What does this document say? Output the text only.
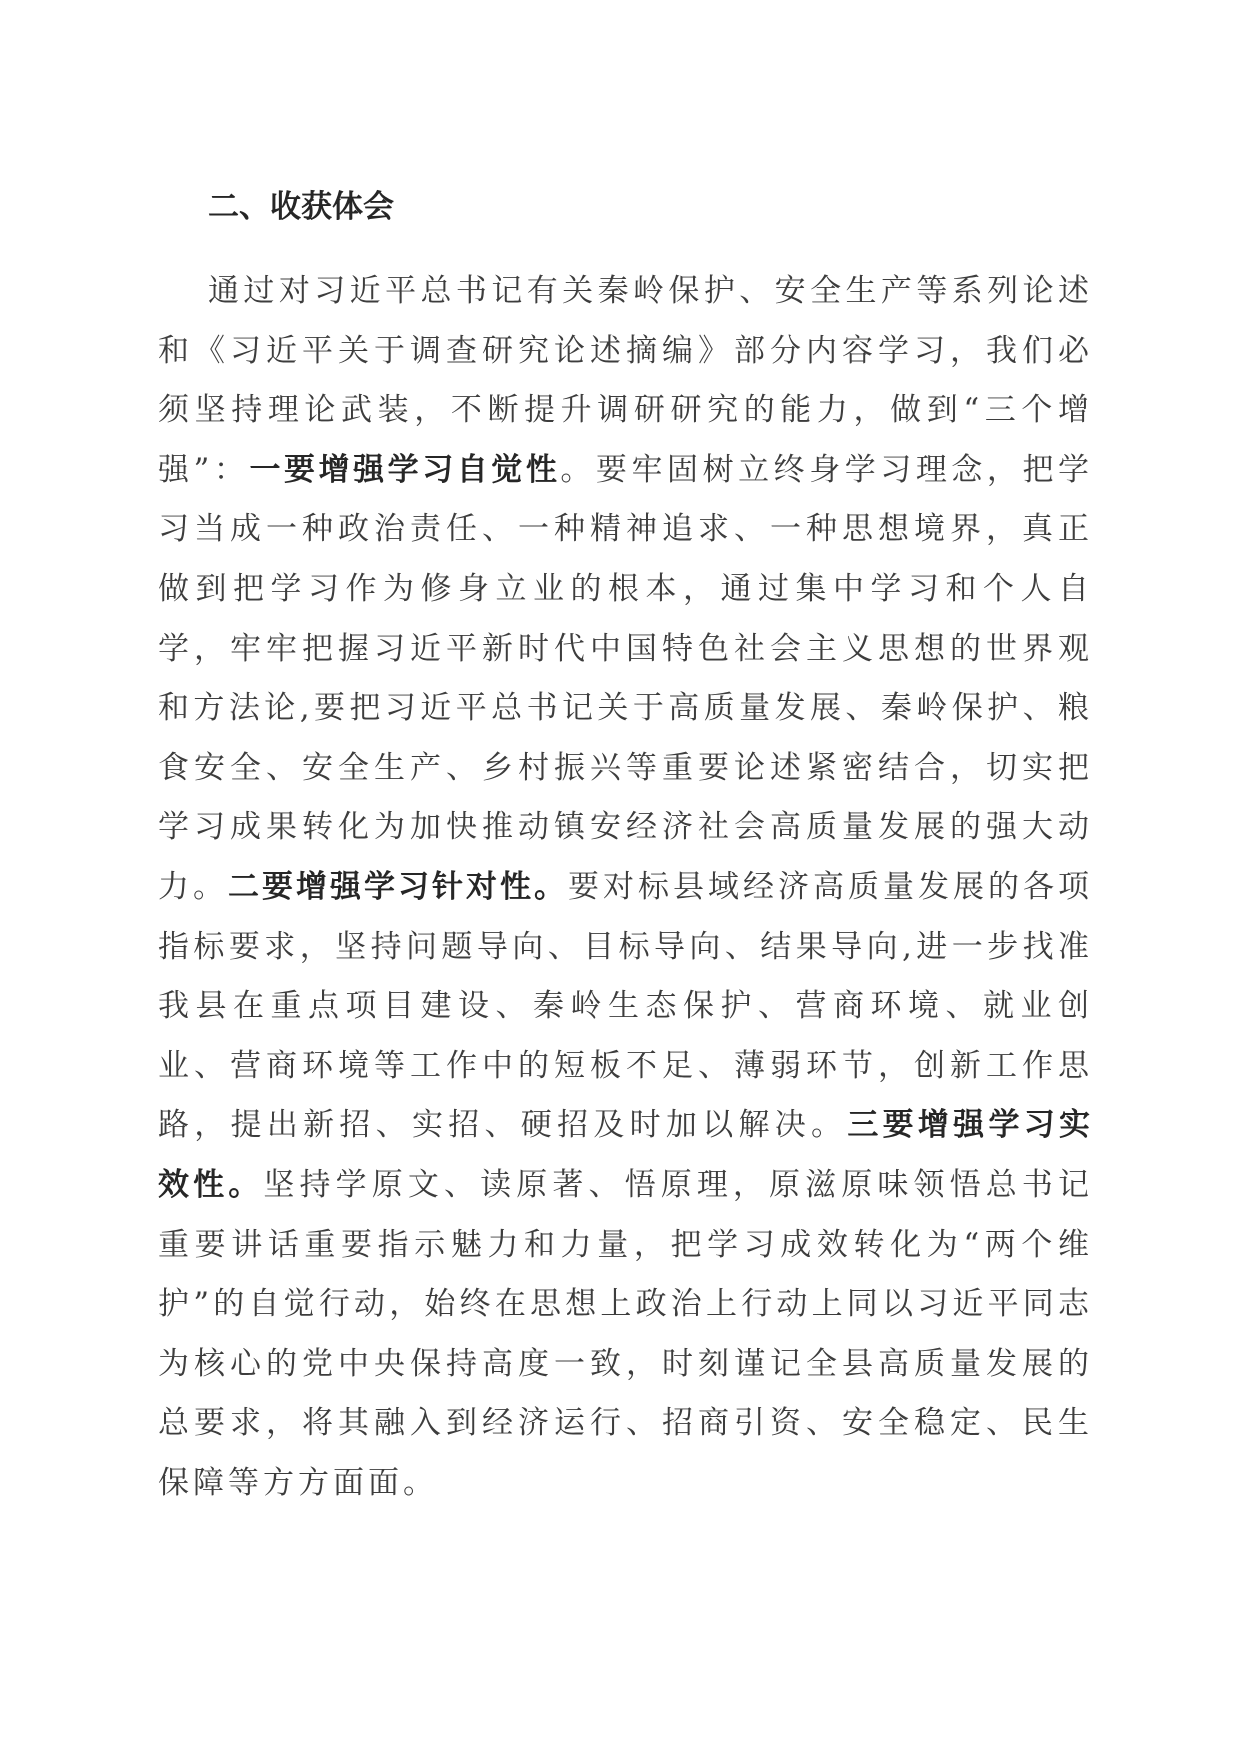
二、收获体会

通过对习近平总书记有关秦岭保护、安全生产等系列论述和《习近平关于调查研究论述摘编》部分内容学习，我们必须坚持理论武装，不断提升调研研究的能力，做到“三个增强”：一要增强学习自觉性。要牢固树立终身学习理念，把学习当成一种政治责任、一种精神追求、一种思想境界，真正做到把学习作为修身立业的根本，通过集中学习和个人自学，牢牢把握习近平新时代中国特色社会主义思想的世界观和方法论,要把习近平总书记关于高质量发展、秦岭保护、粮食安全、安全生产、乡村振兴等重要论述紧密结合，切实把学习成果转化为加快推动镇安经济社会高质量发展的强大动力。二要增强学习针对性。要对标县域经济高质量发展的各项指标要求，坚持问题导向、目标导向、结果导向,进一步找准我县在重点项目建设、秦岭生态保护、营商环境、就业创业、营商环境等工作中的短板不足、薄弱环节，创新工作思路，提出新招、实招、硬招及时加以解决。三要增强学习实效性。坚持学原文、读原著、悟原理，原滋原味领悟总书记重要讲话重要指示魅力和力量，把学习成效转化为“两个维护”的自觉行动，始终在思想上政治上行动上同以习近平同志为核心的党中央保持高度一致，时刻谨记全县高质量发展的总要求，将其融入到经济运行、招商引资、安全稳定、民生保障等方方面面。
